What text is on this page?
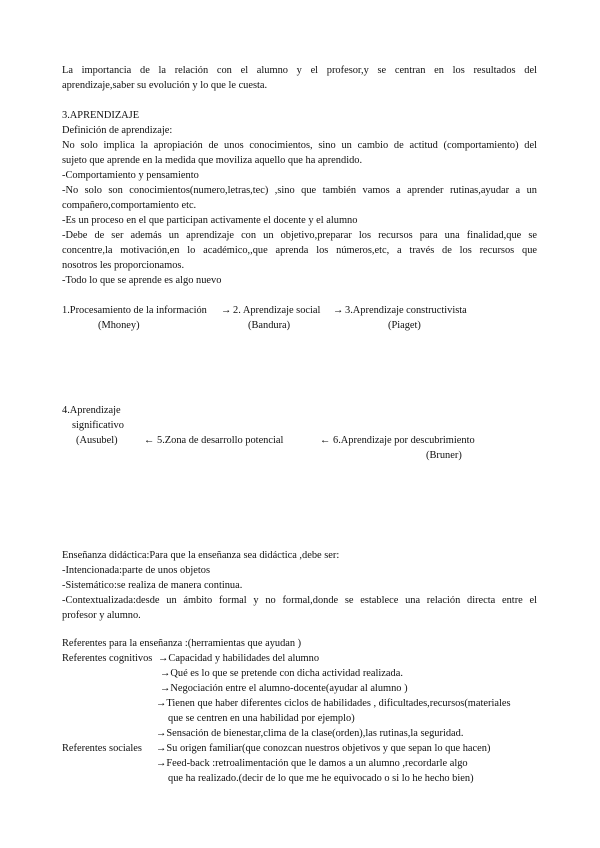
La importancia de la relación con el alumno y el profesor,y se centran en los resultados del
aprendizaje,saber su evolución y lo que le cuesta.
3.APRENDIZAJE
Definición de aprendizaje:
No solo implica la apropiación de unos conocimientos, sino un cambio de actitud (comportamiento) del
sujeto que aprende en la medida que moviliza aquello que ha aprendido.
-Comportamiento y pensamiento
-No solo son conocimientos(numero,letras,tec) ,sino que también vamos a aprender rutinas,ayudar a un
compañero,comportamiento etc.
-Es un proceso en el que participan activamente el docente y el alumno
-Debe de ser además un aprendizaje con un objetivo,preparar los recursos para una finalidad,que se
concentre,la motivación,en lo académico,,que aprenda los números,etc, a través de los recursos que
nosotros les proporcionamos.
-Todo lo que se aprende es algo nuevo
1.Procesamiento de la información → 2. Aprendizaje social → 3.Aprendizaje constructivista
(Mhoney)	(Bandura)	(Piaget)
4.Aprendizaje
significativo
(Ausubel)	← 5.Zona de desarrollo potencial	← 6.Aprendizaje por descubrimiento
(Bruner)
Enseñanza didáctica:Para que la enseñanza sea didáctica ,debe ser:
-Intencionada:parte de unos objetos
-Sistemático:se realiza de manera continua.
-Contextualizada:desde un ámbito formal y no formal,donde se establece una relación directa entre el
profesor y alumno.
Referentes para la enseñanza :(herramientas que ayudan )
Referentes cognitivos →Capacidad y habilidades del alumno
→Qué es lo que se pretende con dicha actividad realizada.
→Negociación entre el alumno-docente(ayudar al alumno )
→Tienen que haber diferentes ciclos de habilidades , dificultades,recursos(materiales
que se centren en una habilidad por ejemplo)
→Sensación de bienestar,clima de la clase(orden),las rutinas,la seguridad.
Referentes sociales →Su origen familiar(que conozcan nuestros objetivos y que sepan lo que hacen)
→Feed-back :retroalimentación que le damos a un alumno ,recordarle algo
que ha realizado.(decir de lo que me he equivocado o si lo he hecho bien)
